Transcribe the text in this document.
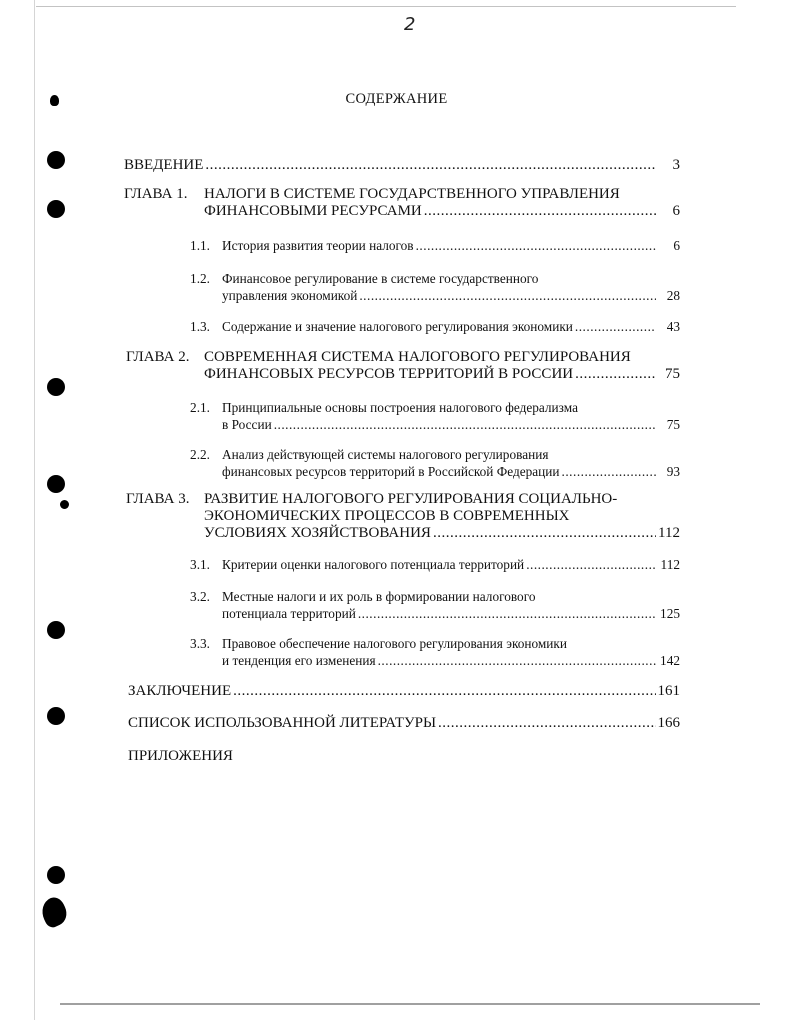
2
СОДЕРЖАНИЕ
ВВЕДЕНИЕ .....	3
ГЛАВА 1. НАЛОГИ В СИСТЕМЕ ГОСУДАРСТВЕННОГО УПРАВЛЕНИЯ
ФИНАНСОВЫМИ РЕСУРСАМИ .....	6
1.1. История развития теории налогов .....	6
1.2. Финансовое регулирование в системе государственного
управления экономикой .....	28
1.3. Содержание и значение налогового регулирования экономики .....	43
ГЛАВА 2. СОВРЕМЕННАЯ СИСТЕМА НАЛОГОВОГО РЕГУЛИРОВАНИЯ
ФИНАНСОВЫХ РЕСУРСОВ ТЕРРИТОРИЙ В РОССИИ .....	75
2.1. Принципиальные основы построения налогового федерализма
в России .....	75
2.2. Анализ действующей системы налогового регулирования
финансовых ресурсов территорий в Российской Федерации .....	93
ГЛАВА 3. РАЗВИТИЕ НАЛОГОВОГО РЕГУЛИРОВАНИЯ СОЦИАЛЬНО-
ЭКОНОМИЧЕСКИХ ПРОЦЕССОВ В СОВРЕМЕННЫХ
УСЛОВИЯХ ХОЗЯЙСТВОВАНИЯ .....	112
3.1. Критерии оценки налогового потенциала территорий .....	112
3.2. Местные налоги и их роль в формировании налогового
потенциала территорий .....	125
3.3. Правовое обеспечение налогового регулирования экономики
и тенденция его изменения .....	142
ЗАКЛЮЧЕНИЕ .....	161
СПИСОК ИСПОЛЬЗОВАННОЙ ЛИТЕРАТУРЫ .....	166
ПРИЛОЖЕНИЯ
